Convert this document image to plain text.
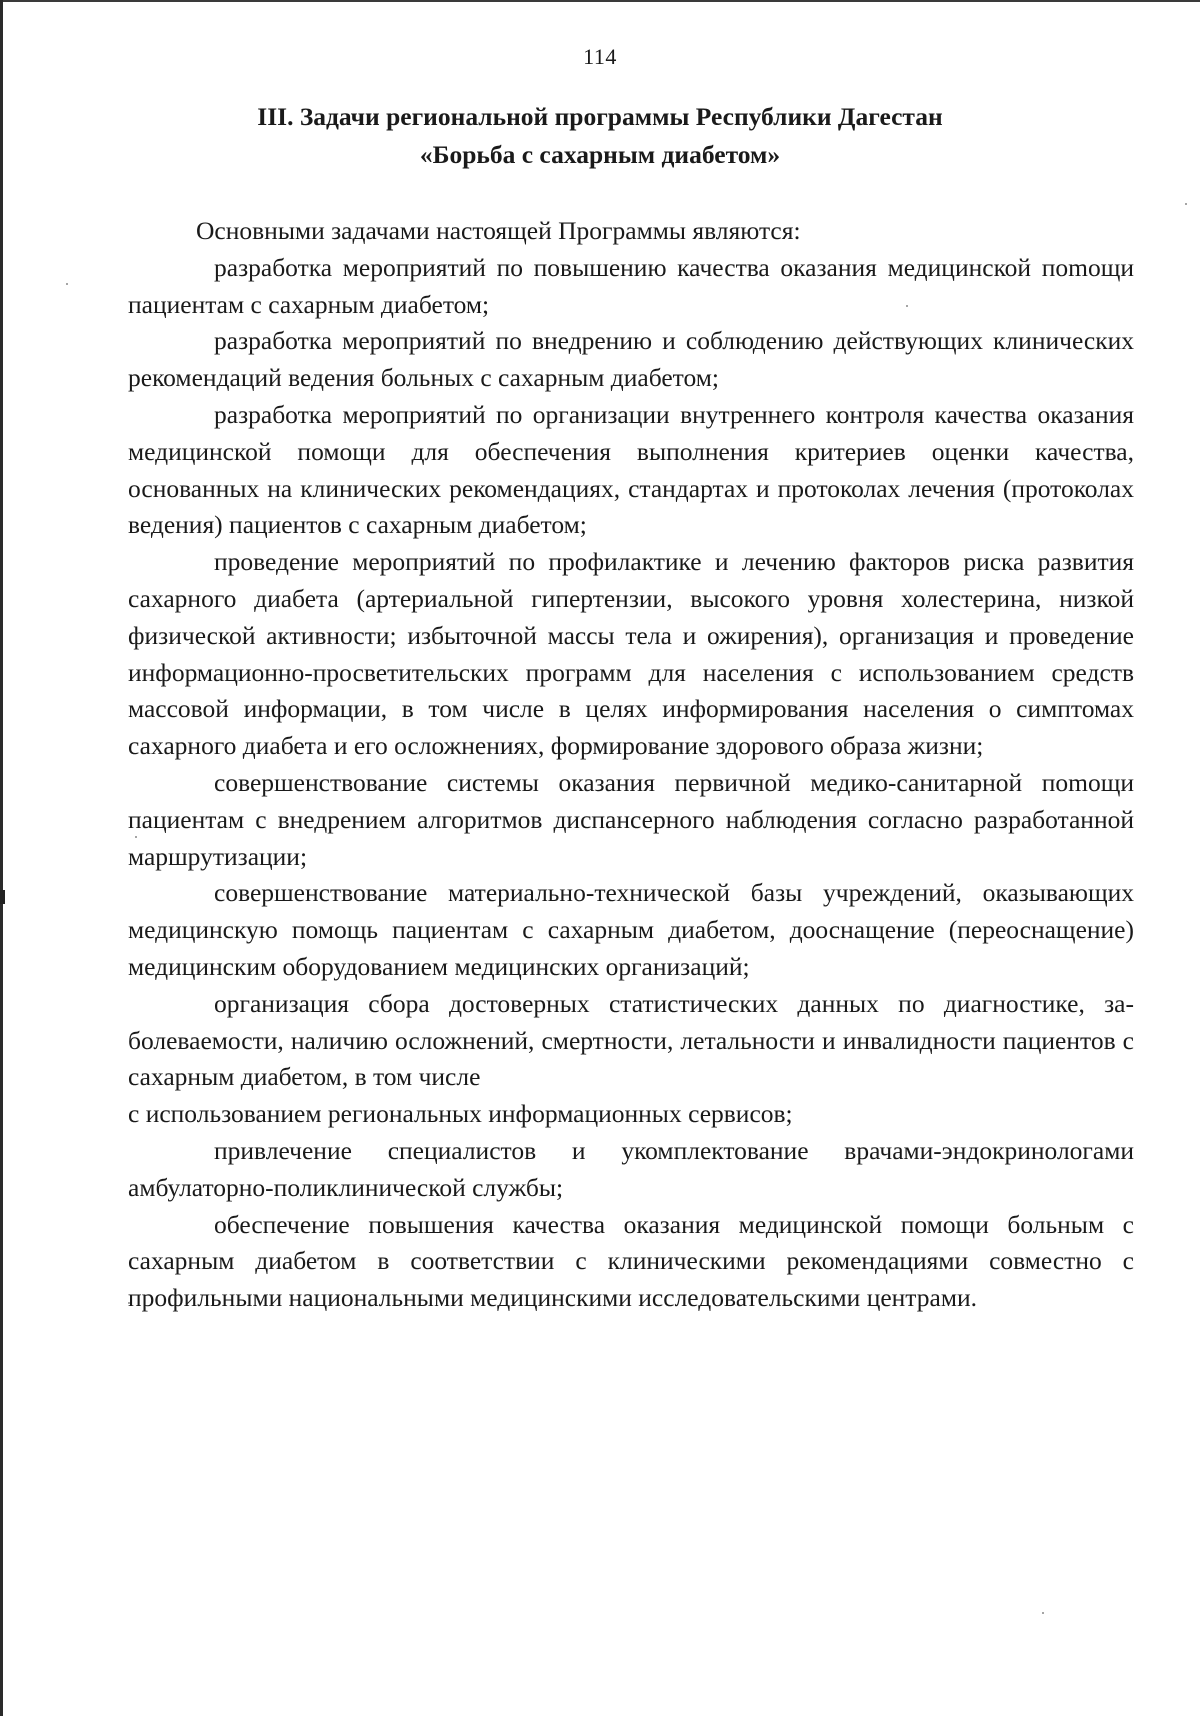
114
III. Задачи региональной программы Республики Дагестан
«Борьба с сахарным диабетом»
Основными задачами настоящей Программы являются:

разработка мероприятий по повышению качества оказания медицинской поmощи пациентам с сахарным диабетом;

разработка мероприятий по внедрению и соблюдению действующих клинических рекомендаций ведения больных с сахарным диабетом;

разработка мероприятий по организации внутреннего контроля качества оказания медицинской помощи для обеспечения выполнения критериев оценки качества, основанных на клинических рекомендациях, стандартах и протоколах лечения (протоколах ведения) пациентов с сахарным диабетом;

проведение мероприятий по профилактике и лечению факторов риска развития сахарного диабета (артериальной гипертензии, высокого уровня холестерина, низкой физической активности; избыточной массы тела и ожирения), организация и проведение информационно-просветительских программ для населения с использованием средств массовой информации, в том числе в целях информирования населения о симптомах сахарного диабета и его осложнениях, формирование здорового образа жизни;

совершенствование системы оказания первичной медико-санитарной поmощи пациентам с внедрением алгоритмов диспансерного наблюдения согласно разработанной маршрутизации;

совершенствование материально-технической базы учреждений, оказывающих медицинскую помощь пациентам с сахарным диабетом, дооснащение (переоснащение) медицинским оборудованием медицинских организаций;

организация сбора достоверных статистических данных по диагностике, заболеваемости, наличию осложнений, смертности, летальности и инвалидности пациентов с сахарным диабетом, в том числе

с использованием региональных информационных сервисов;

привлечение специалистов и укомплектование врачами-эндокринологами амбулаторно-поликлинической службы;

обеспечение повышения качества оказания медицинской помощи больным с сахарным диабетом в соответствии с клиническими рекомендациями совместно с профильными национальными медицинскими исследовательскими центрами.
